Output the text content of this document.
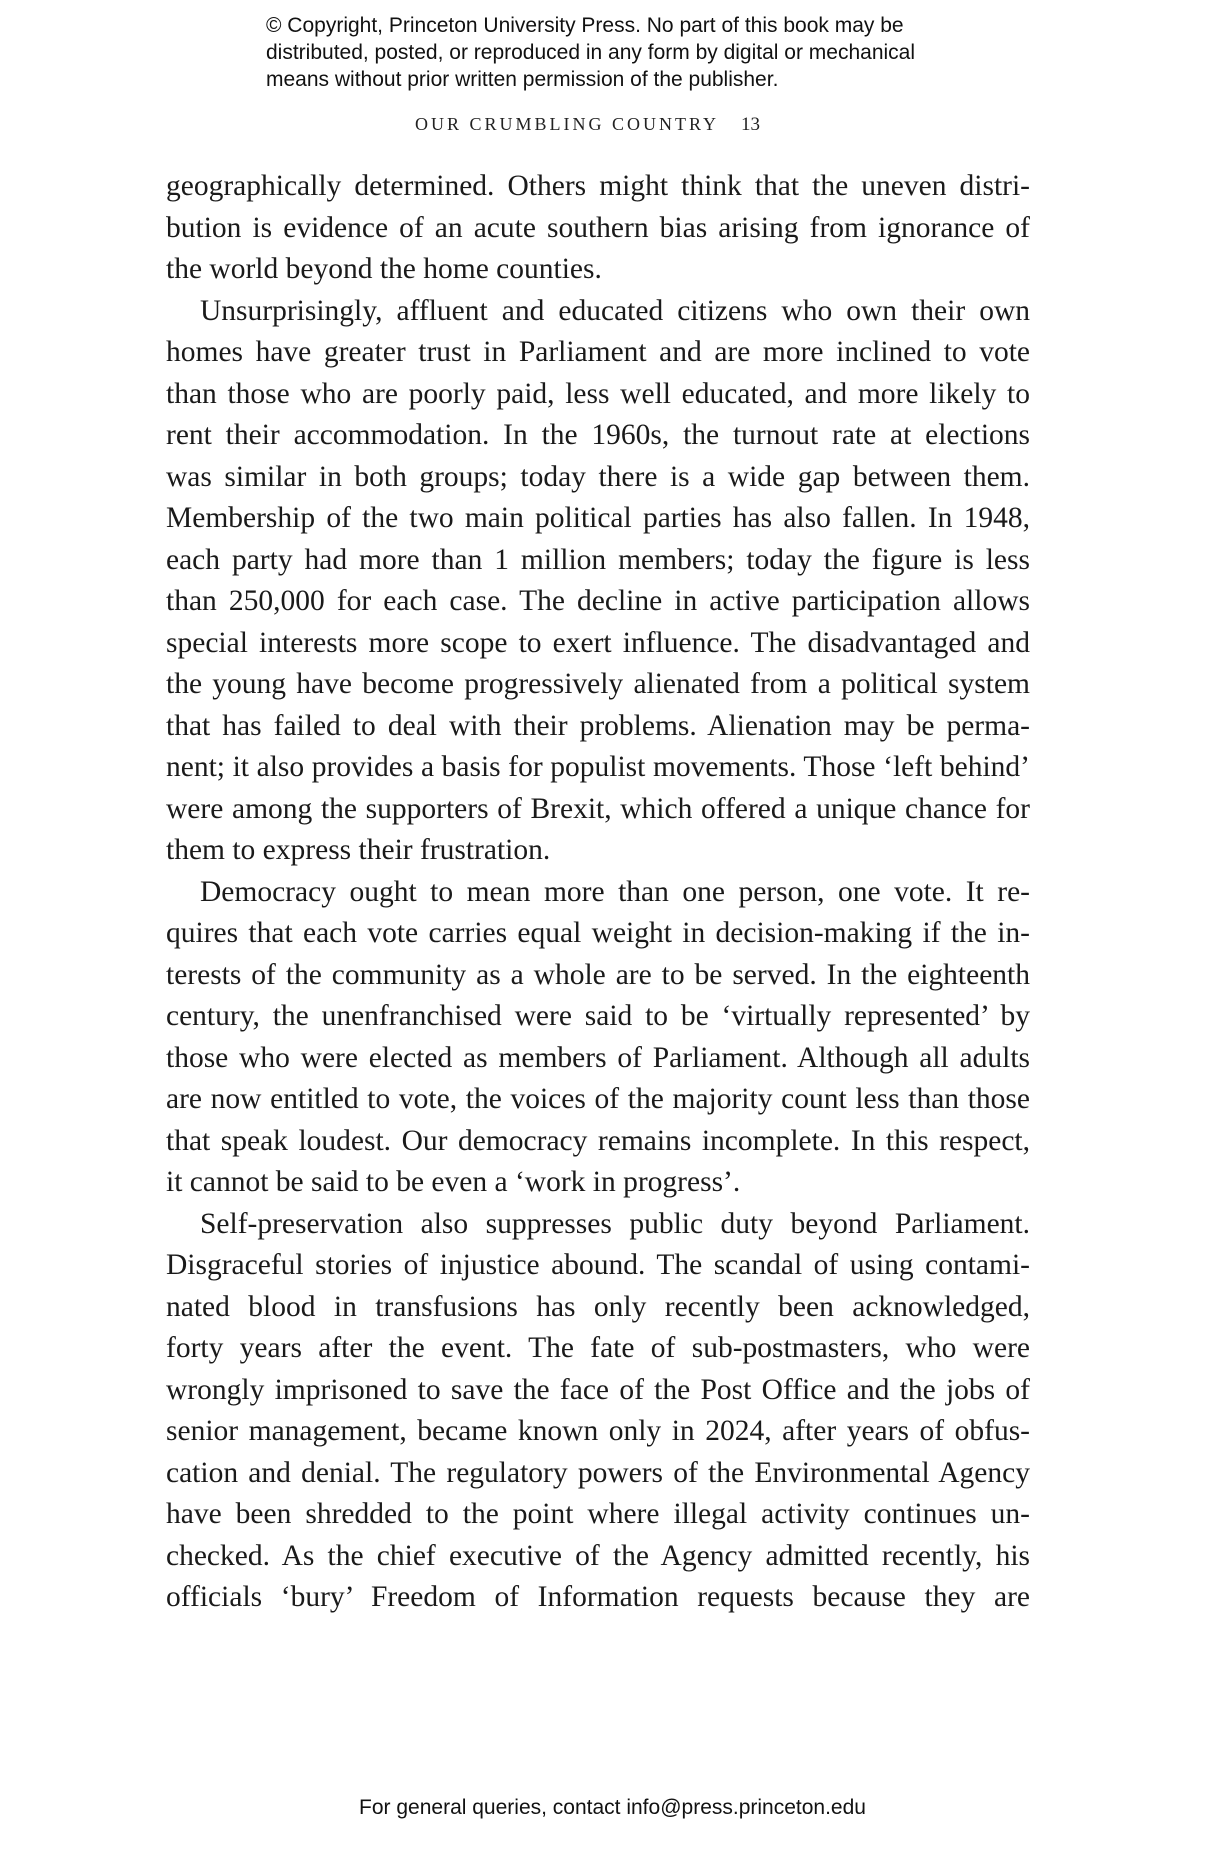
© Copyright, Princeton University Press. No part of this book may be
distributed, posted, or reproduced in any form by digital or mechanical
means without prior written permission of the publisher.
OUR CRUMBLING COUNTRY 13
geographically determined. Others might think that the uneven distri-
bution is evidence of an acute southern bias arising from ignorance of
the world beyond the home counties.
Unsurprisingly, affluent and educated citizens who own their own
homes have greater trust in Parliament and are more inclined to vote
than those who are poorly paid, less well educated, and more likely to
rent their accommodation. In the 1960s, the turnout rate at elections
was similar in both groups; today there is a wide gap between them.
Membership of the two main political parties has also fallen. In 1948,
each party had more than 1 million members; today the figure is less
than 250,000 for each case. The decline in active participation allows
special interests more scope to exert influence. The disadvantaged and
the young have become progressively alienated from a political system
that has failed to deal with their problems. Alienation may be perma-
nent; it also provides a basis for populist movements. Those ‘left behind’
were among the supporters of Brexit, which offered a unique chance for
them to express their frustration.
Democracy ought to mean more than one person, one vote. It re-
quires that each vote carries equal weight in decision-making if the in-
terests of the community as a whole are to be served. In the eighteenth
century, the unenfranchised were said to be ‘virtually represented’ by
those who were elected as members of Parliament. Although all adults
are now entitled to vote, the voices of the majority count less than those
that speak loudest. Our democracy remains incomplete. In this respect,
it cannot be said to be even a ‘work in progress’.
Self-preservation also suppresses public duty beyond Parliament.
Disgraceful stories of injustice abound. The scandal of using contami-
nated blood in transfusions has only recently been acknowledged,
forty years after the event. The fate of sub-postmasters, who were
wrongly imprisoned to save the face of the Post Office and the jobs of
senior management, became known only in 2024, after years of obfus-
cation and denial. The regulatory powers of the Environmental Agency
have been shredded to the point where illegal activity continues un-
checked. As the chief executive of the Agency admitted recently, his
officials ‘bury’ Freedom of Information requests because they are
For general queries, contact info@press.princeton.edu
